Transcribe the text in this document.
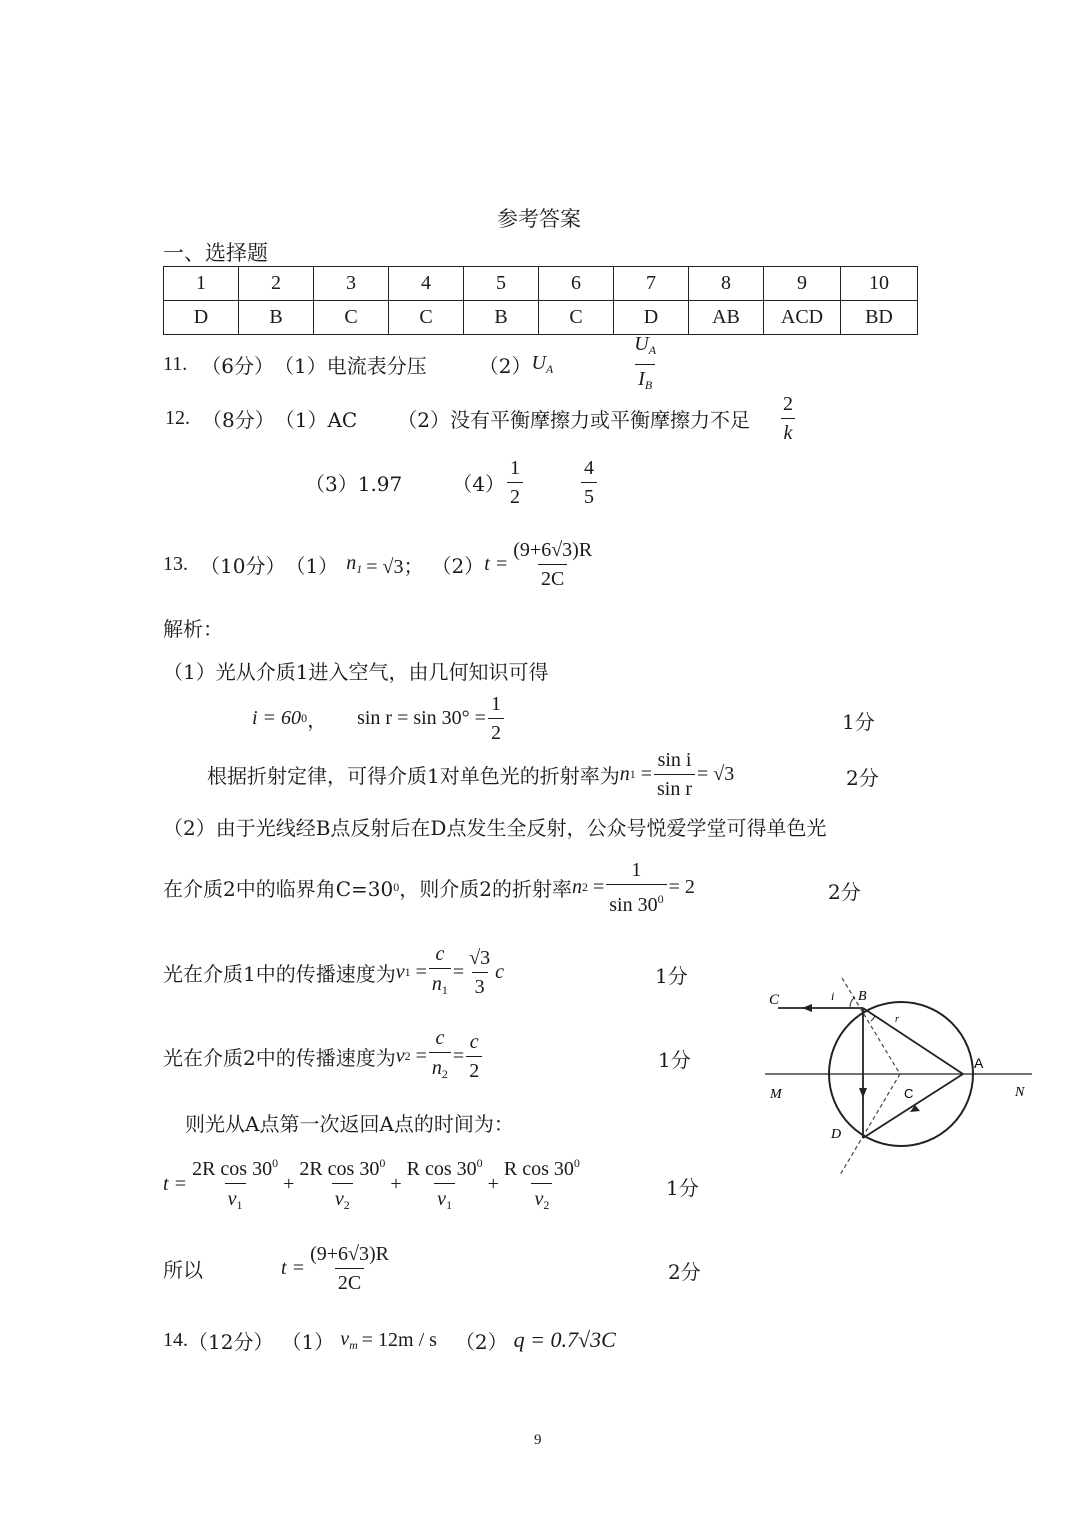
参考答案
一、选择题
1	2	3	4	5	6	7	8	9	10
D	B	C	C	B	C	D	AB	ACD	BD
11. （6分） （1）电流表分压	（2） $U_A$	$\frac{U_A}{I_B}$
12. （8分） （1）AC （2）没有平衡摩擦力或平衡摩擦力不足 $\frac{2}{k}$
（3）1.97	$(4) \frac{1}{2}$	$\frac{4}{5}$
13. （10分） （1） $n_1 = √3$； （2） $t = \frac{(9+6√3)R}{2C}$
解析：
（1）光从介质1进入空气，由几何知识可得
i = 60 0 ， $\sin r = \sin 30^\circ = \frac{1}{2}$	1分
根据折射定律，可得介质1对单色光的折射率为 n $1 = \frac{\text{sin i}}{\text{sin r}} = √3$	2分
（2）由于光线经B点反射后在D点发生全反射，公众号悦爱学堂可得单色光
在介质2中的临界角C=30 0 ，则介质2的折射率 n $2 = \frac{1}{\sin 30^0} = 2$	2分
光在介质1中的传播速度为 v $1 = \frac{c}{n_1} = \frac{√3}{3}$ c	1分
光在介质2中的传播速度为 v $2 = \frac{c}{n_2} = \frac{c}{2}$	1分
则光从A点第一次返回A点的时间为：
$t = \frac{2R \cos 30^0}{v_1} + \frac{2R \cos 30^0}{v_2} + \frac{R \cos 30^0}{v_1} + \frac{R \cos 30^0}{v_2}$	1分
所以	$t = \frac{(9+6√3)R}{2C}$	2分
14. （12分） （1） $v_m = 12m / s$ （2） q = 0.7√3C
C	i B
r
A
M	C	N
D
9
